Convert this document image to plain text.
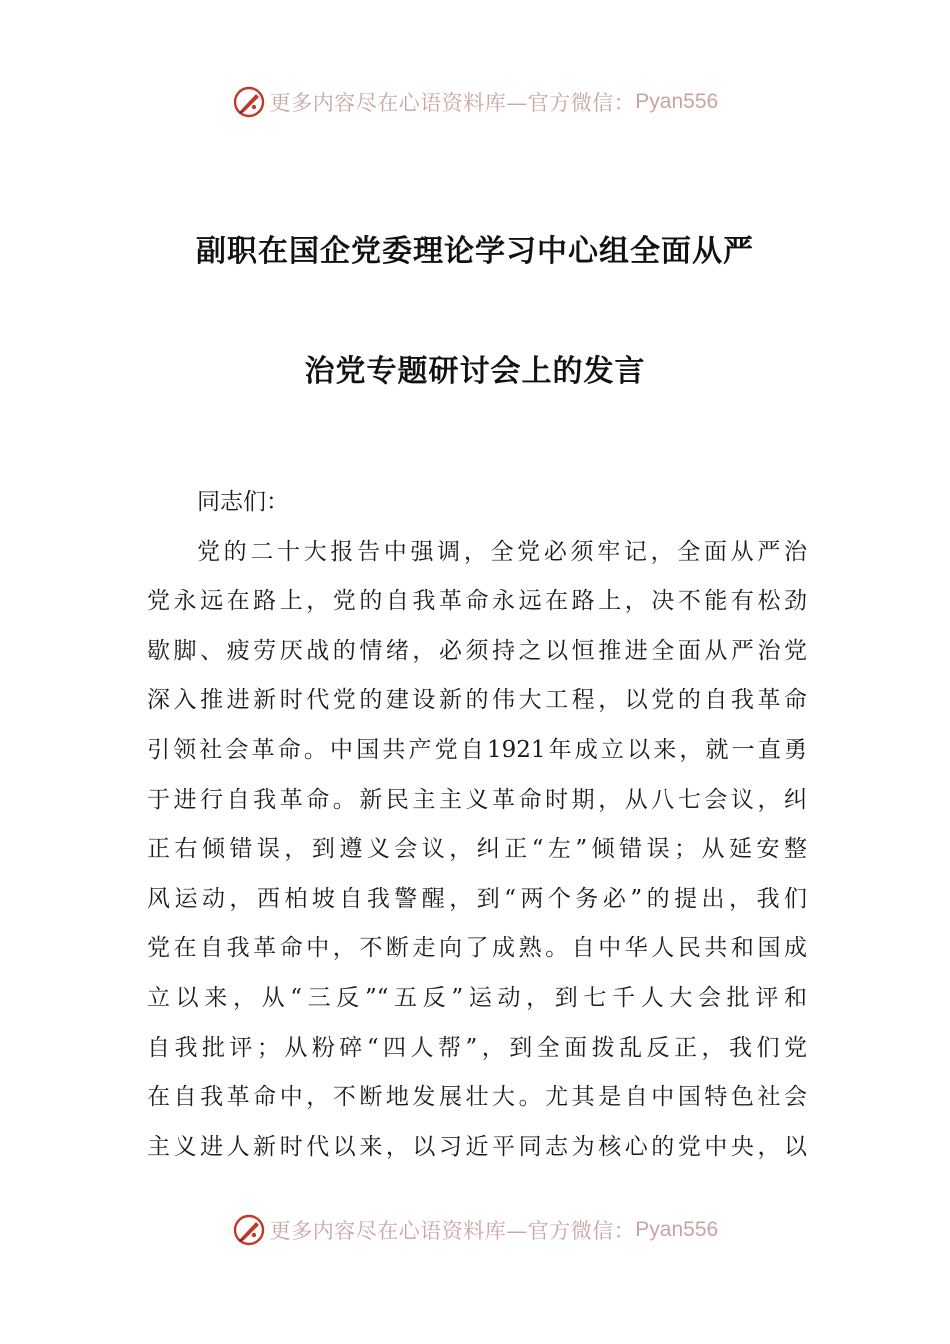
更多内容尽在心语资料库—官方微信： Pyan556
副职在国企党委理论学习中心组全面从严
治党专题研讨会上的发言
同志们：
党的二十大报告中强调，全党必须牢记，全面从严治
党永远在路上，党的自我革命永远在路上，决不能有松劲
歇脚、疲劳厌战的情绪，必须持之以恒推进全面从严治党
深入推进新时代党的建设新的伟大工程，以党的自我革命
引领社会革命。中国共产党自1921年成立以来，就一直勇
于进行自我革命。新民主主义革命时期，从八七会议，纠
正右倾错误，到遵义会议，纠正“左”倾错误；从延安整
风运动，西柏坡自我警醒，到“两个务必”的提出，我们
党在自我革命中，不断走向了成熟。自中华人民共和国成
立以来，从“三反”“五反”运动，到七千人大会批评和
自我批评；从粉碎“四人帮”，到全面拨乱反正，我们党
在自我革命中，不断地发展壮大。尤其是自中国特色社会
主义进人新时代以来，以习近平同志为核心的党中央，以
更多内容尽在心语资料库—官方微信： Pyan556
